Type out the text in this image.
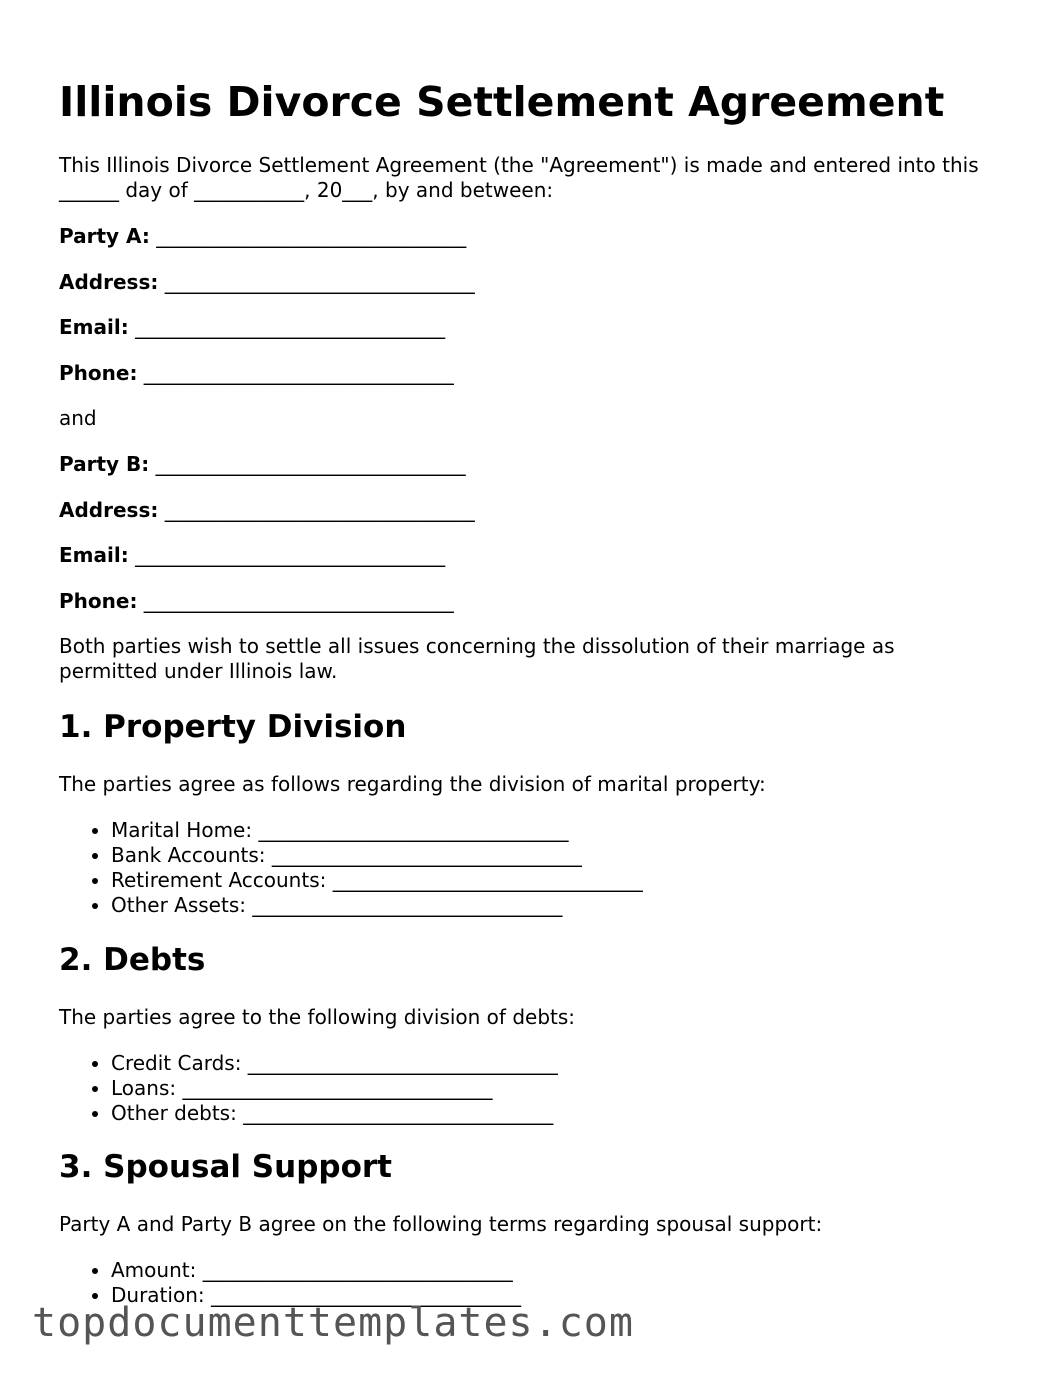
Illinois Divorce Settlement Agreement

This Illinois Divorce Settlement Agreement (the "Agreement") is made and entered into this ______ day of ___________, 20___, by and between:

Party A: _______________________________
Address: _______________________________
Email: _______________________________
Phone: _______________________________
and
Party B: _______________________________
Address: _______________________________
Email: _______________________________
Phone: _______________________________

Both parties wish to settle all issues concerning the dissolution of their marriage as permitted under Illinois law.

1. Property Division

The parties agree as follows regarding the division of marital property:

• Marital Home: _______________________________
• Bank Accounts: _______________________________
• Retirement Accounts: _______________________________
• Other Assets: _______________________________
2. Debts

The parties agree to the following division of debts:

• Credit Cards: _______________________________
• Loans: _______________________________
• Other debts: _______________________________
3. Spousal Support

Party A and Party B agree on the following terms regarding spousal support:

• Amount: _______________________________
• Duration: _______________________________
topdocumenttemplates.com
